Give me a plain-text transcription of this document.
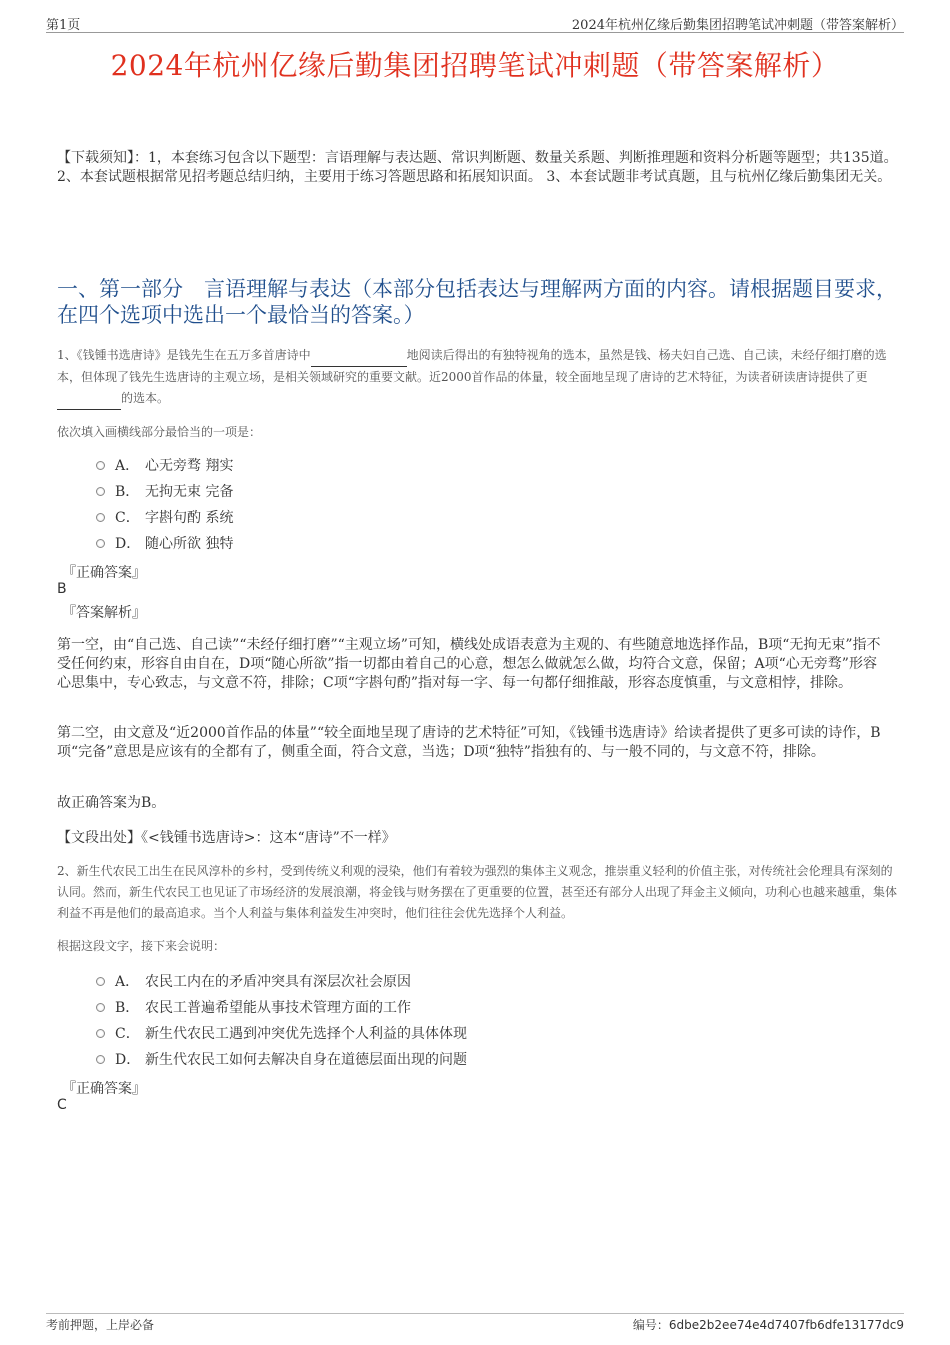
第1页	2024年杭州亿缘后勤集团招聘笔试冲刺题（带答案解析）
2024年杭州亿缘后勤集团招聘笔试冲刺题（带答案解析）
【下载须知】：1，本套练习包含以下题型：言语理解与表达题、常识判断题、数量关系题、判断推理题和资料分析题等题型；共135道。 2、本套试题根据常见招考题总结归纳，主要用于练习答题思路和拓展知识面。 3、本套试题非考试真题，且与杭州亿缘后勤集团无关。
一、第一部分　言语理解与表达（本部分包括表达与理解两方面的内容。请根据题目要求，在四个选项中选出一个最恰当的答案。）
1、《钱锺书选唐诗》是钱先生在五万多首唐诗中	地阅读后得出的有独特视角的选本，虽然是钱、杨夫妇自己选、自己读，未经仔细打磨的选本，但体现了钱先生选唐诗的主观立场，是相关领域研究的重要文献。近2000首作品的体量，较全面地呈现了唐诗的艺术特征，为读者研读唐诗提供了更 的选本。
依次填入画横线部分最恰当的一项是：
A． 心无旁骛 翔实
B． 无拘无束 完备
C． 字斟句酌 系统
D． 随心所欲 独特
『正确答案』
B
『答案解析』
第一空，由“自己选、自己读”“未经仔细打磨”“主观立场”可知，横线处成语表意为主观的、有些随意地选择作品，B项“无拘无束”指不受任何约束，形容自由自在，D项“随心所欲”指一切都由着自己的心意，想怎么做就怎么做，均符合文意，保留；A项“心无旁骛”形容心思集中，专心致志，与文意不符，排除；C项“字斟句酌”指对每一字、每一句都仔细推敲，形容态度慎重，与文意相悖，排除。
第二空，由文意及“近2000首作品的体量”“较全面地呈现了唐诗的艺术特征”可知，《钱锺书选唐诗》给读者提供了更多可读的诗作，B项“完备”意思是应该有的全都有了，侧重全面，符合文意，当选；D项“独特”指独有的、与一般不同的，与文意不符，排除。
故正确答案为B。
【文段出处】《<钱锺书选唐诗>：这本“唐诗”不一样》
2、新生代农民工出生在民风淳朴的乡村，受到传统义利观的浸染，他们有着较为强烈的集体主义观念，推崇重义轻利的价值主张，对传统社会伦理具有深刻的认同。然而，新生代农民工也见证了市场经济的发展浪潮，将金钱与财务摆在了更重要的位置，甚至还有部分人出现了拜金主义倾向，功利心也越来越重，集体利益不再是他们的最高追求。当个人利益与集体利益发生冲突时，他们往往会优先选择个人利益。
根据这段文字，接下来会说明：
A． 农民工内在的矛盾冲突具有深层次社会原因
B． 农民工普遍希望能从事技术管理方面的工作
C． 新生代农民工遇到冲突优先选择个人利益的具体体现
D． 新生代农民工如何去解决自身在道德层面出现的问题
『正确答案』
C
考前押题，上岸必备	编号：6dbe2b2ee74e4d7407fb6dfe13177dc9
